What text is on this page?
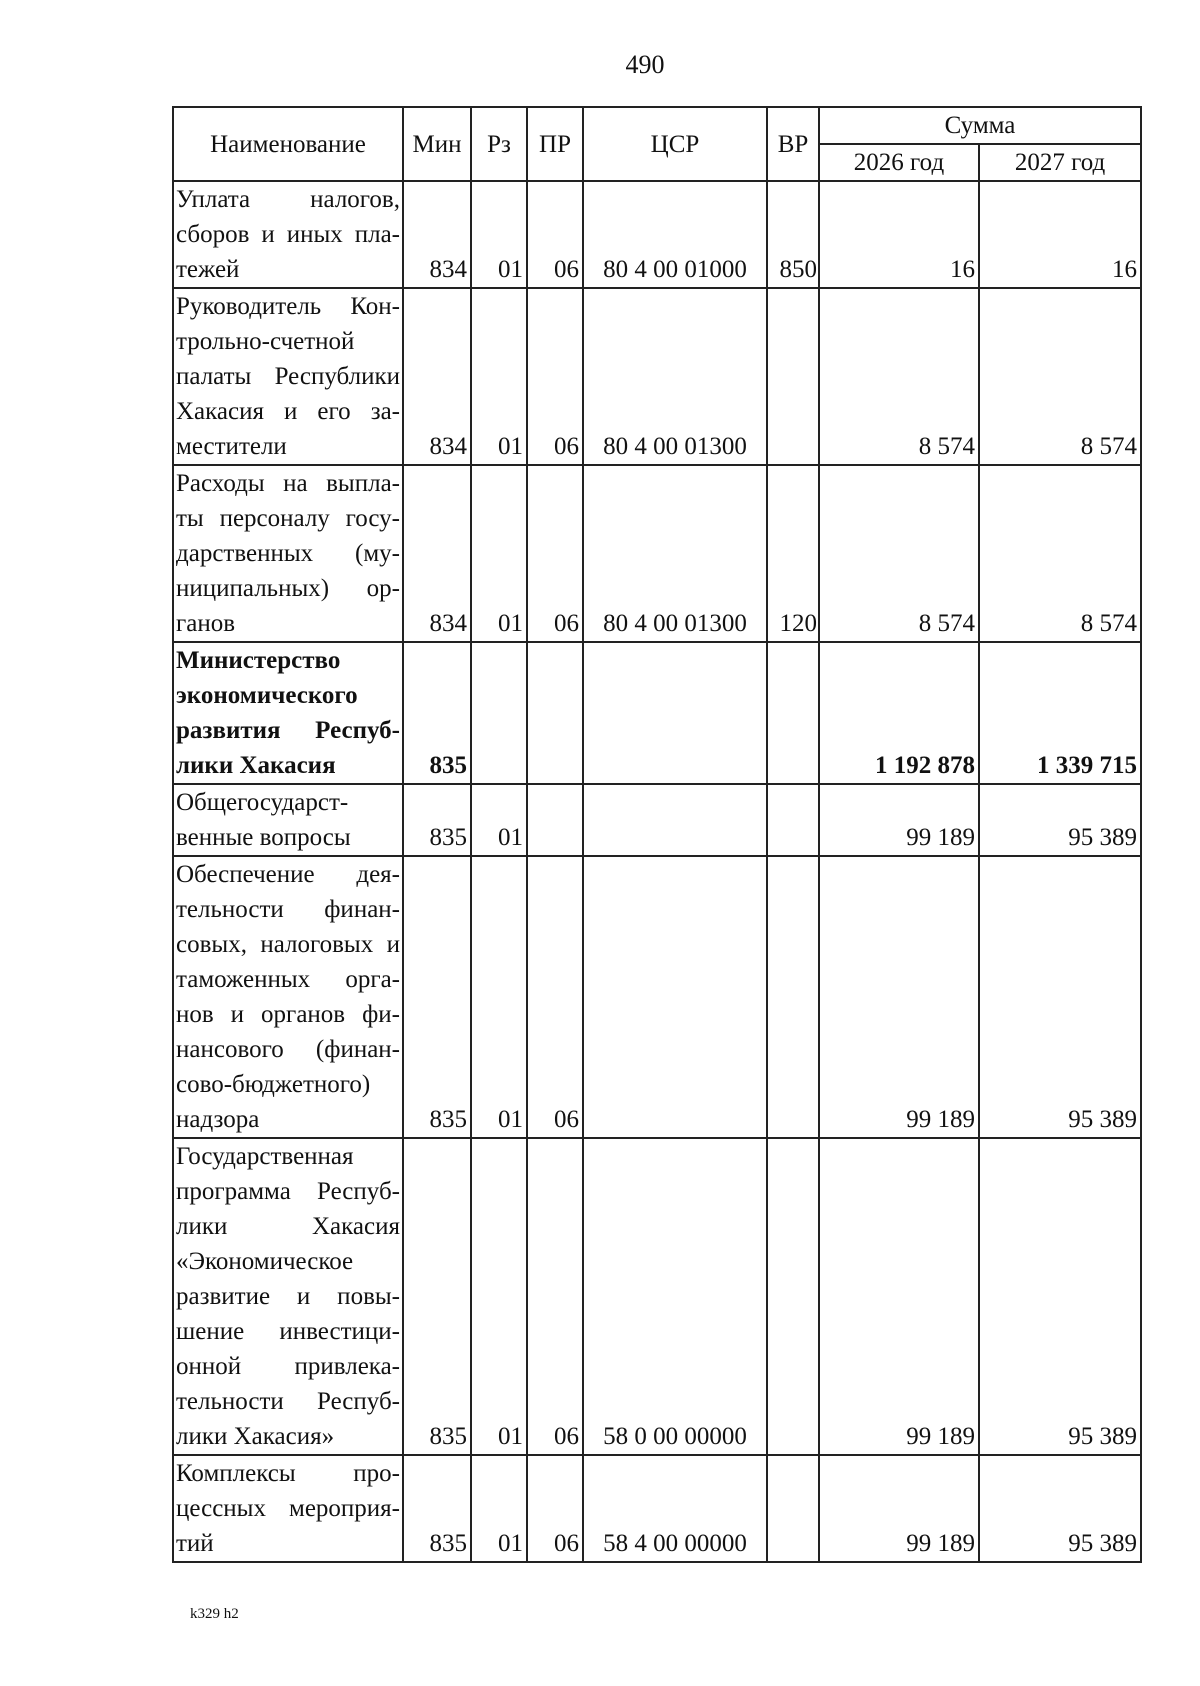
490
Наименование	Мин	Рз	ПР	ЦСР	ВР	Сумма	
						2026 год	2027 год
Уплата налогов, сборов и иных пла-тежей	834	01	06	80 4 00 01000	850	16	16
Руководитель Кон-трольно-счетной палаты Республики Хакасия и его за-местители	834	01	06	80 4 00 01300		8 574	8 574
Расходы на выпла-ты персоналу госу-дарственных (му-ниципальных) ор-ганов	834	01	06	80 4 00 01300	120	8 574	8 574
Министерство экономического развития Респуб-лики Хакасия	835					1 192 878	1 339 715
Общегосударст-венные вопросы	835	01				99 189	95 389
Обеспечение дея-тельности финан-совых, налоговых и таможенных орга-нов и органов фи-нансового (финан-сово-бюджетного) надзора	835	01	06			99 189	95 389
Государственная программа Респуб-лики Хакасия «Экономическое развитие и повы-шение инвестици-онной привлека-тельности Респуб-лики Хакасия»	835	01	06	58 0 00 00000		99 189	95 389
Комплексы про-цессных мероприя-тий	835	01	06	58 4 00 00000		99 189	95 389
k329 h2
